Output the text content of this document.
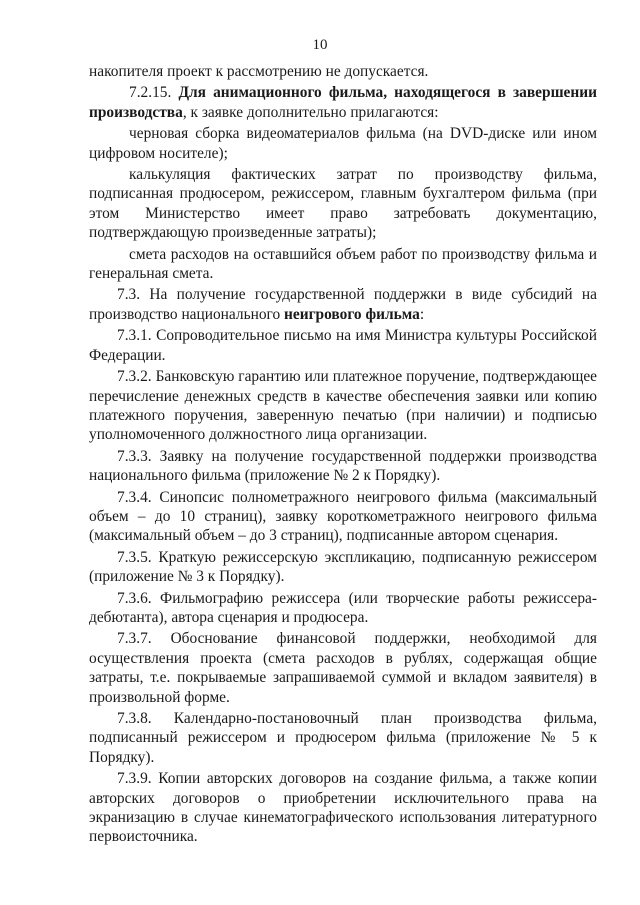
10

накопителя проект к рассмотрению не допускается.

7.2.15. Для анимационного фильма, находящегося в завершении производства, к заявке дополнительно прилагаются:

черновая сборка видеоматериалов фильма (на DVD-диске или ином цифровом носителе);

калькуляция фактических затрат по производству фильма, подписанная продюсером, режиссером, главным бухгалтером фильма (при этом Министерство имеет право затребовать документацию, подтверждающую произведенные затраты);

смета расходов на оставшийся объем работ по производству фильма и генеральная смета.

7.3. На получение государственной поддержки в виде субсидий на производство национального неигрового фильма:

7.3.1. Сопроводительное письмо на имя Министра культуры Российской Федерации.

7.3.2. Банковскую гарантию или платежное поручение, подтверждающее перечисление денежных средств в качестве обеспечения заявки или копию платежного поручения, заверенную печатью (при наличии) и подписью уполномоченного должностного лица организации.

7.3.3. Заявку на получение государственной поддержки производства национального фильма (приложение № 2 к Порядку).

7.3.4. Синопсис полнометражного неигрового фильма (максимальный объем – до 10 страниц), заявку короткометражного неигрового фильма (максимальный объем – до 3 страниц), подписанные автором сценария.

7.3.5. Краткую режиссерскую экспликацию, подписанную режиссером (приложение № 3 к Порядку).

7.3.6. Фильмографию режиссера (или творческие работы режиссера-дебютанта), автора сценария и продюсера.

7.3.7. Обоснование финансовой поддержки, необходимой для осуществления проекта (смета расходов в рублях, содержащая общие затраты, т.е. покрываемые запрашиваемой суммой и вкладом заявителя) в произвольной форме.

7.3.8. Календарно-постановочный план производства фильма, подписанный режиссером и продюсером фильма (приложение № 5 к Порядку).

7.3.9. Копии авторских договоров на создание фильма, а также копии авторских договоров о приобретении исключительного права на экранизацию в случае кинематографического использования литературного первоисточника.
